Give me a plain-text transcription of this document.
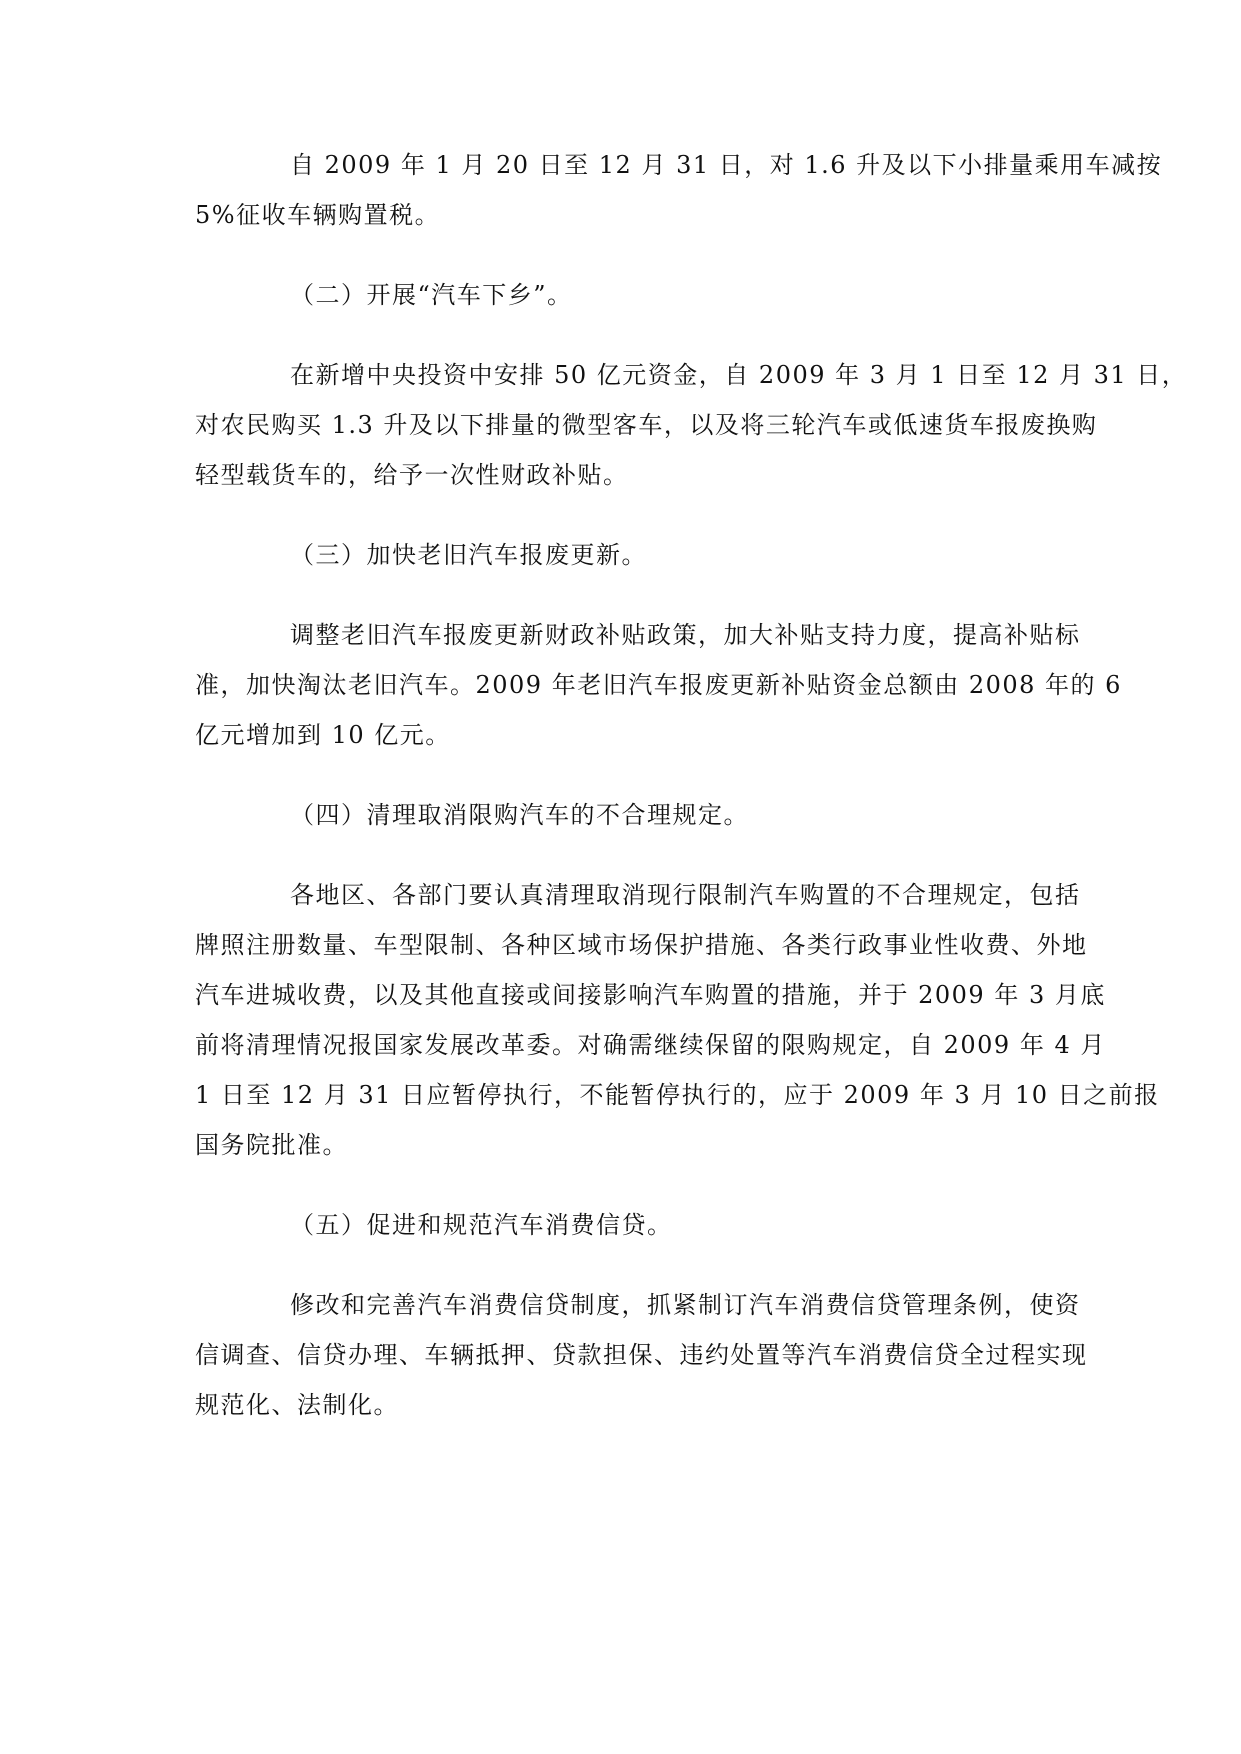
自 2009 年 1 月 20 日至 12 月 31 日，对 1.6 升及以下小排量乘用车减按
5%征收车辆购置税。
（二）开展“汽车下乡”。
在新增中央投资中安排 50 亿元资金，自 2009 年 3 月 1 日至 12 月 31 日，
对农民购买 1.3 升及以下排量的微型客车，以及将三轮汽车或低速货车报废换购
轻型载货车的，给予一次性财政补贴。
（三）加快老旧汽车报废更新。
调整老旧汽车报废更新财政补贴政策，加大补贴支持力度，提高补贴标
准，加快淘汰老旧汽车。2009 年老旧汽车报废更新补贴资金总额由 2008 年的 6
亿元增加到 10 亿元。
（四）清理取消限购汽车的不合理规定。
各地区、各部门要认真清理取消现行限制汽车购置的不合理规定，包括
牌照注册数量、车型限制、各种区域市场保护措施、各类行政事业性收费、外地
汽车进城收费，以及其他直接或间接影响汽车购置的措施，并于 2009 年 3 月底
前将清理情况报国家发展改革委。对确需继续保留的限购规定，自 2009 年 4 月
1 日至 12 月 31 日应暂停执行，不能暂停执行的，应于 2009 年 3 月 10 日之前报
国务院批准。
（五）促进和规范汽车消费信贷。
修改和完善汽车消费信贷制度，抓紧制订汽车消费信贷管理条例，使资
信调查、信贷办理、车辆抵押、贷款担保、违约处置等汽车消费信贷全过程实现
规范化、法制化。
